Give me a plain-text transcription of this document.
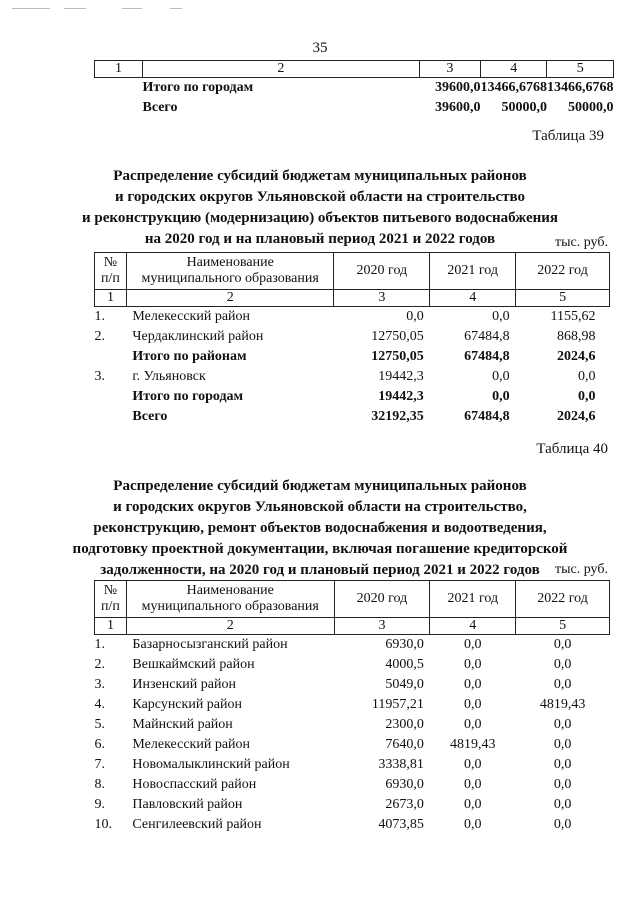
35
1	2	3	4	5
	Итого по городам	39600,0	13466,6768	13466,6768
	Всего	39600,0	50000,0	50000,0
Таблица 39
Распределение субсидий бюджетам муниципальных районов
и городских округов Ульяновской области на строительство
и реконструкцию (модернизацию) объектов питьевого водоснабжения
на 2020 год и на плановый период 2021 и 2022 годов	тыс. руб.
№
п/п	Наименование
муниципального образования	2020 год	2021 год	2022 год
1	2	3	4	5
1.	Мелекесский район	0,0	0,0	1155,62
2.	Чердаклинский район	12750,05	67484,8	868,98
	Итого по районам	12750,05	67484,8	2024,6
3.	г. Ульяновск	19442,3	0,0	0,0
	Итого по городам	19442,3	0,0	0,0
	Всего	32192,35	67484,8	2024,6
Таблица 40
Распределение субсидий бюджетам муниципальных районов
и городских округов Ульяновской области на строительство,
реконструкцию, ремонт объектов водоснабжения и водоотведения,
подготовку проектной документации, включая погашение кредиторской
задолженности, на 2020 год и плановый период 2021 и 2022 годов	тыс. руб.
№
п/п	Наименование
муниципального образования	2020 год	2021 год	2022 год
1	2	3	4	5
1.	Базарносызганский район	6930,0	0,0	0,0
2.	Вешкаймский район	4000,5	0,0	0,0
3.	Инзенский район	5049,0	0,0	0,0
4.	Карсунский район	11957,21	0,0	4819,43
5.	Майнский район	2300,0	0,0	0,0
6.	Мелекесский район	7640,0	4819,43	0,0
7.	Новомалыклинский район	3338,81	0,0	0,0
8.	Новоспасский район	6930,0	0,0	0,0
9.	Павловский район	2673,0	0,0	0,0
10.	Сенгилеевский район	4073,85	0,0	0,0
